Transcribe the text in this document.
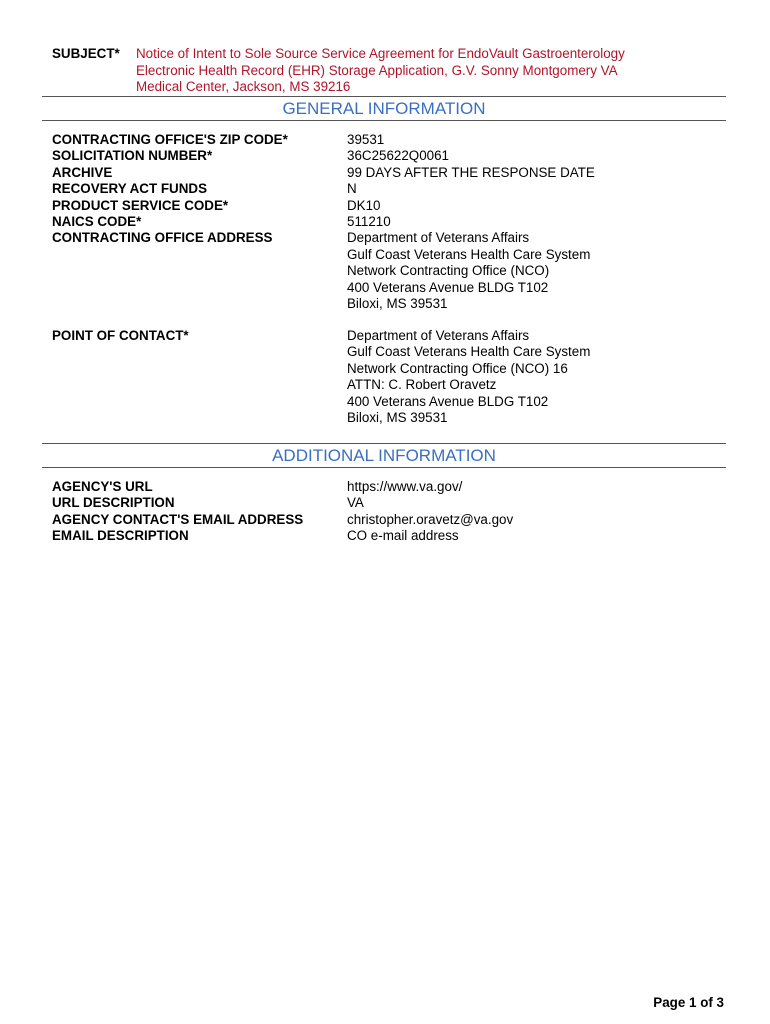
SUBJECT*	Notice of Intent to Sole Source Service Agreement for EndoVault Gastroenterology
Electronic Health Record (EHR) Storage Application, G.V. Sonny Montgomery VA
Medical Center, Jackson, MS 39216
GENERAL INFORMATION
CONTRACTING OFFICE'S ZIP CODE*	39531
SOLICITATION NUMBER*	36C25622Q0061
ARCHIVE	99 DAYS AFTER THE RESPONSE DATE
RECOVERY ACT FUNDS	N
PRODUCT SERVICE CODE*	DK10
NAICS CODE*	511210
CONTRACTING OFFICE ADDRESS	Department of Veterans Affairs
Gulf Coast Veterans Health Care System
Network Contracting Office (NCO)
400 Veterans Avenue BLDG T102
Biloxi, MS 39531
POINT OF CONTACT*	Department of Veterans Affairs
Gulf Coast Veterans Health Care System
Network Contracting Office (NCO) 16
ATTN: C. Robert Oravetz
400 Veterans Avenue BLDG T102
Biloxi, MS 39531
ADDITIONAL INFORMATION
AGENCY'S URL	https://www.va.gov/
URL DESCRIPTION	VA
AGENCY CONTACT'S EMAIL ADDRESS	christopher.oravetz@va.gov
EMAIL DESCRIPTION	CO e-mail address
Page 1 of 3
